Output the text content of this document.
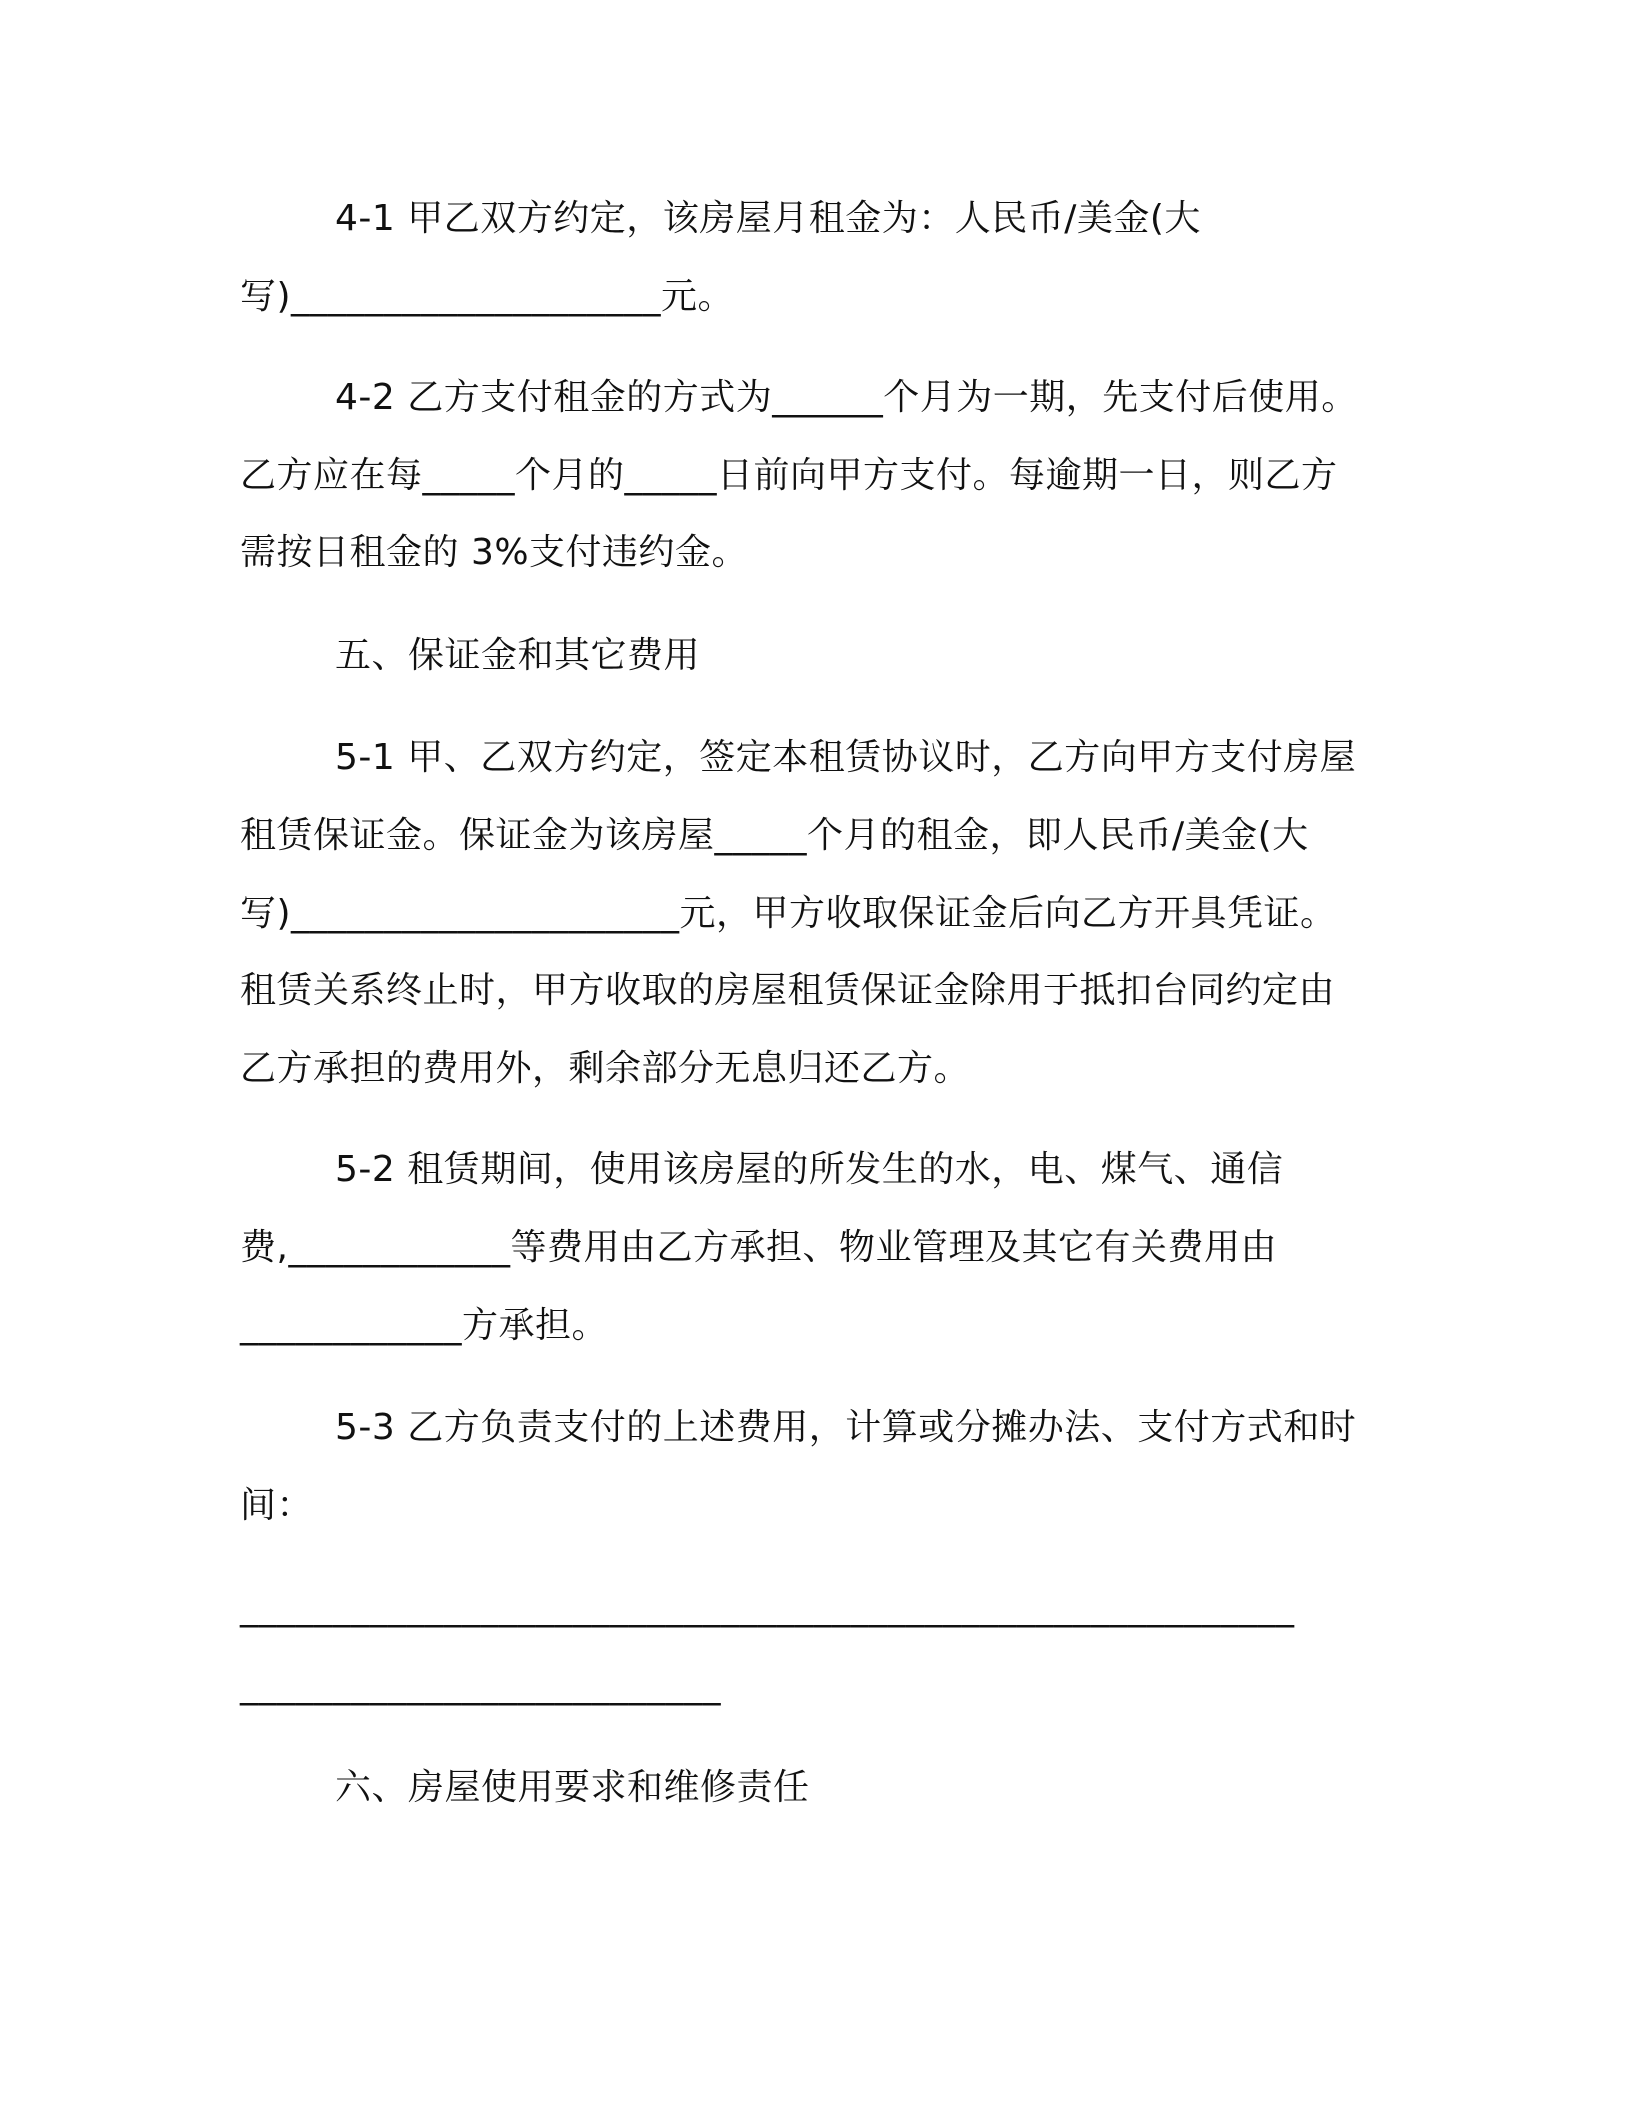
4-1 甲乙双方约定，该房屋月租金为：人民币/美金(大
写)____________________元。
4-2 乙方支付租金的方式为______个月为一期，先支付后使用。
乙方应在每_____个月的_____日前向甲方支付。每逾期一日，则乙方
需按日租金的 3%支付违约金。
五、保证金和其它费用
5-1 甲、乙双方约定，签定本租赁协议时，乙方向甲方支付房屋
租赁保证金。保证金为该房屋_____个月的租金，即人民币/美金(大
写)_____________________元，甲方收取保证金后向乙方开具凭证。
租赁关系终止时，甲方收取的房屋租赁保证金除用于抵扣台同约定由
乙方承担的费用外，剩余部分无息归还乙方。
5-2 租赁期间，使用该房屋的所发生的水，电、煤气、通信
费,____________等费用由乙方承担、物业管理及其它有关费用由
____________方承担。
5-3 乙方负责支付的上述费用，计算或分摊办法、支付方式和时
间：
_________________________________________________________
__________________________
六、房屋使用要求和维修责任
